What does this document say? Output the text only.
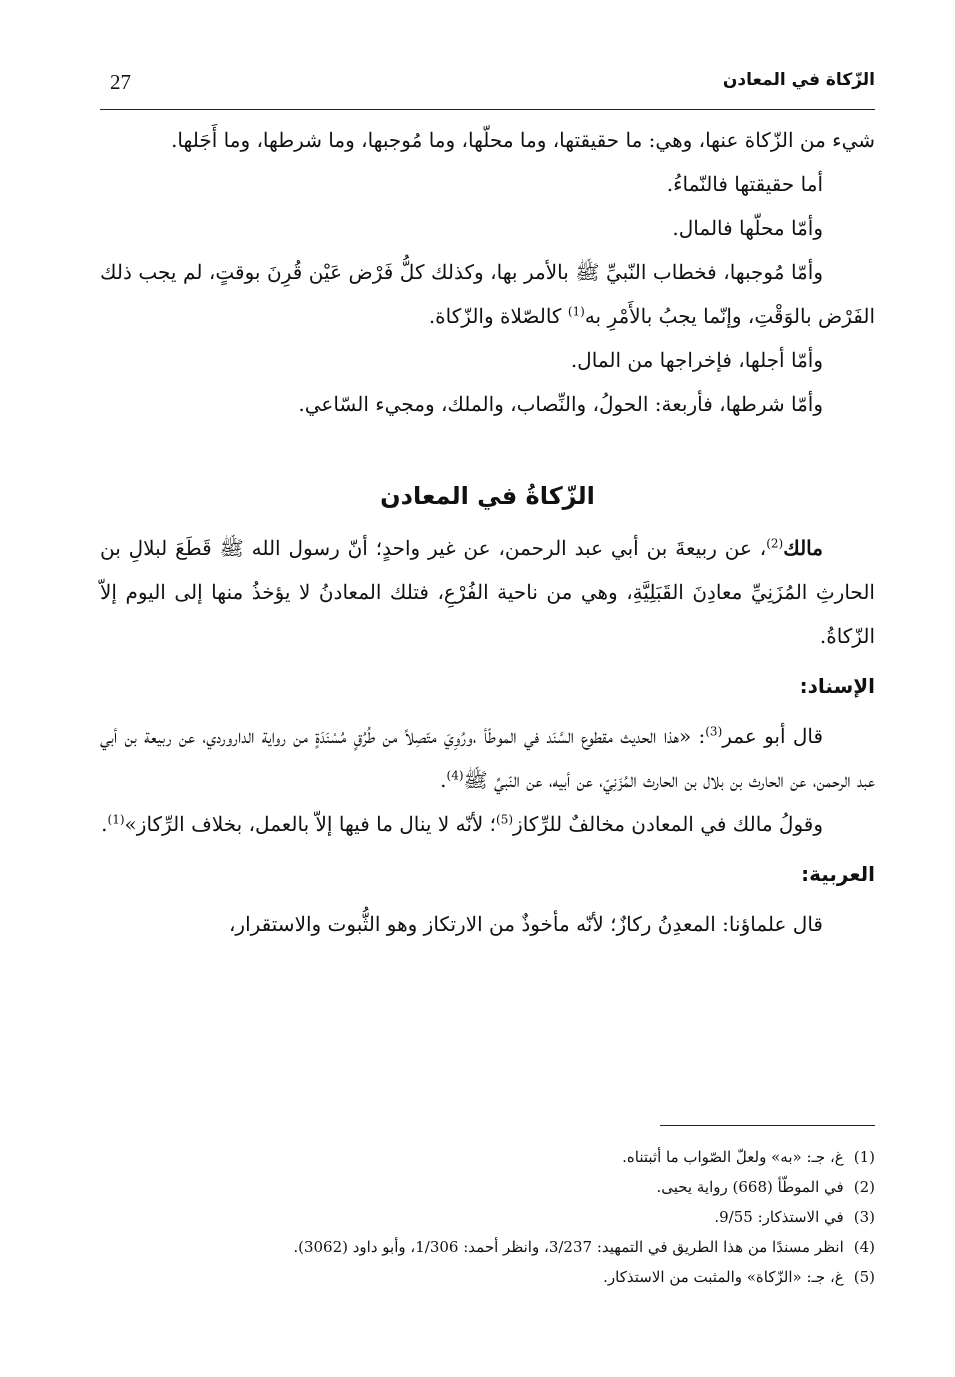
27	الزّكاة في المعادن

شيء من الزّكاة عنها، وهي: ما حقيقتها، وما محلّها، وما مُوجبها، وما شرطها، وما أَجَلها.

أما حقيقتها فالنّماءُ.

وأمّا محلّها فالمال.

وأمّا مُوجبها، فخطاب النّبيِّ ﷺ بالأمر بها، وكذلك كلُّ فَرْض عَيْن قُرِنَ بوقتٍ، لم يجب ذلك الفَرْض بالوَقْتِ، وإنّما يجبُ بالأَمْرِ به$^{(1)}$ كالصّلاة والزّكاة.

وأمّا أجلها، فإخراجها من المال.

وأمّا شرطها، فأربعة: الحولُ، والنِّصاب، والملك، ومجيء السّاعي.

الزّكاةُ في المعادن

مالك$^{(2)}$، عن ربيعةَ بن أبي عبد الرحمن، عن غير واحدٍ؛ أنّ رسول الله ﷺ قَطَعَ لبلالِ بن الحارثِ المُزَنِيِّ معادِنَ القَبَلِيَّةِ، وهي من ناحية الفُرْعِ، فتلك المعادنُ لا يؤخذُ منها إلى اليوم إلاّ الزّكاةُ.

الإسناد:

قال أبو عمر$^{(3)}$: «هذا الحديث مقطوع السَّنَد في الموطّأ ،ورُوِيَ متّصِلاً من طُرُقٍ مُسْنَدَةٍ من رواية الداروردي، عن ربيعة بن أبي عبد الرحمن، عن الحارث بن بلال بن الحارث المُزَنِيّ، عن أبيه، عن النّبيِّ ﷺ$^{(4)}$.

وقولُ مالك في المعادن مخالفٌ للرِّكاز$^{(5)}$؛ لأنّه لا ينال ما فيها إلاّ بالعمل، بخلاف الرِّكاز»$^{(1)}$.

العربية:

قال علماؤنا: المعدِنُ ركازٌ؛ لأنّه مأخوذٌ من الارتكاز وهو الثُّبوت والاستقرار،

(1)غ، جـ: «به» ولعلّ الصّواب ما أثبتناه.

(2)في الموطّأ (668) رواية يحيى.

(3)في الاستذكار: 9/55.

(4)انظر مسندًا من هذا الطريق في التمهيد: 3/237، وانظر أحمد: 1/306، وأبو داود (3062).

(5)غ، جـ: «الزّكاة» والمثبت من الاستذكار.
